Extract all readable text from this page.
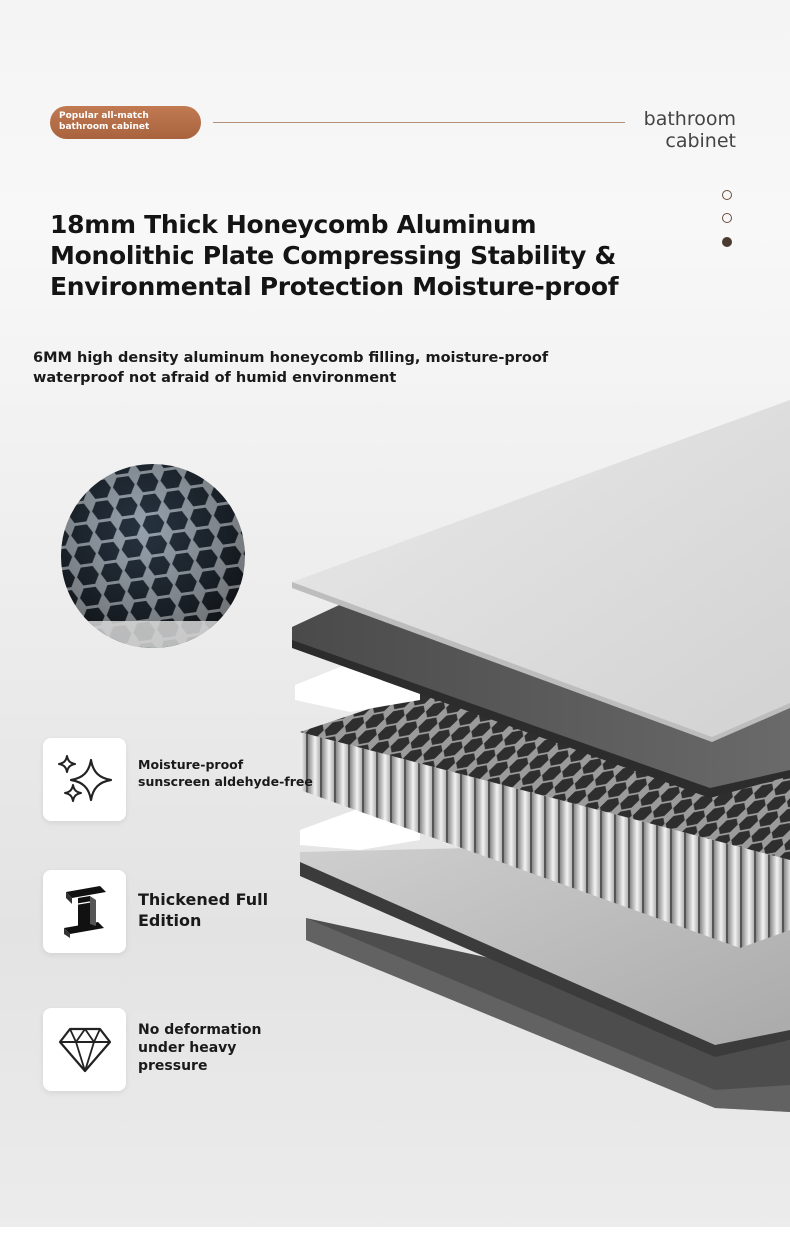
Popular all-match
bathroom cabinet	bathroom
cabinet
18mm Thick Honeycomb Aluminum
Monolithic Plate Compressing Stability &
Environmental Protection Moisture-proof
6MM high density aluminum honeycomb filling, moisture-proof
waterproof not afraid of humid environment
Moisture-proof
sunscreen aldehyde-free
Thickened Full
Edition
No deformation
under heavy
pressure
